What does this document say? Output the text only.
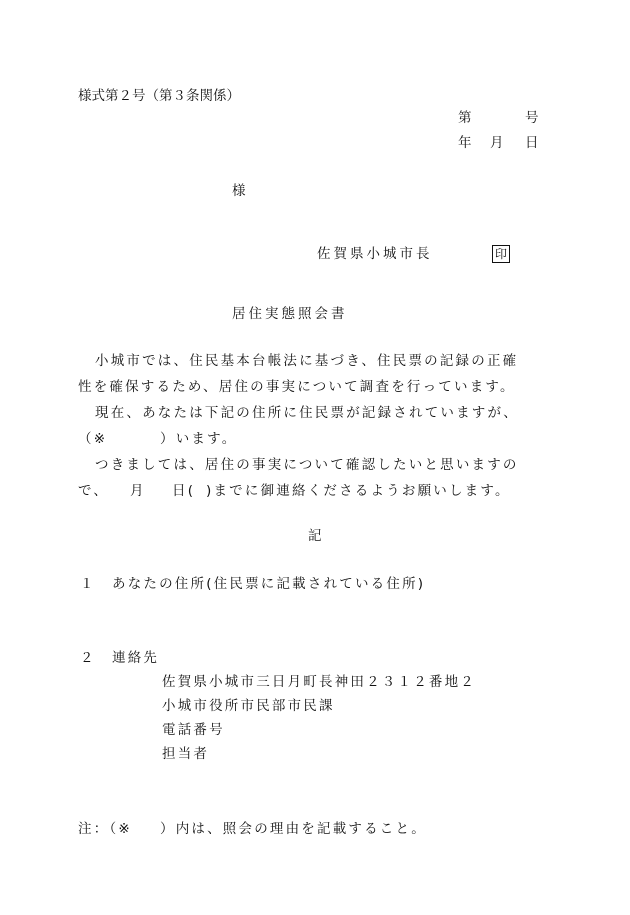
様式第２号（第３条関係）
第	号
年 月 日
様
佐賀県小城市長	印
居住実態照会書
小城市では、住民基本台帳法に基づき、住民票の記録の正確
性を確保するため、居住の事実について調査を行っています。
現在、あなたは下記の住所に住民票が記録されていますが、
（※	）います。
つきましては、居住の事実について確認したいと思いますの
で、 月 日( )までに御連絡くださるようお願いします。
記
１ あなたの住所(住民票に記載されている住所)
２ 連絡先
佐賀県小城市三日月町長神田２３１２番地２
小城市役所市民部市民課
電話番号
担当者
注：（※ ）内は、照会の理由を記載すること。
